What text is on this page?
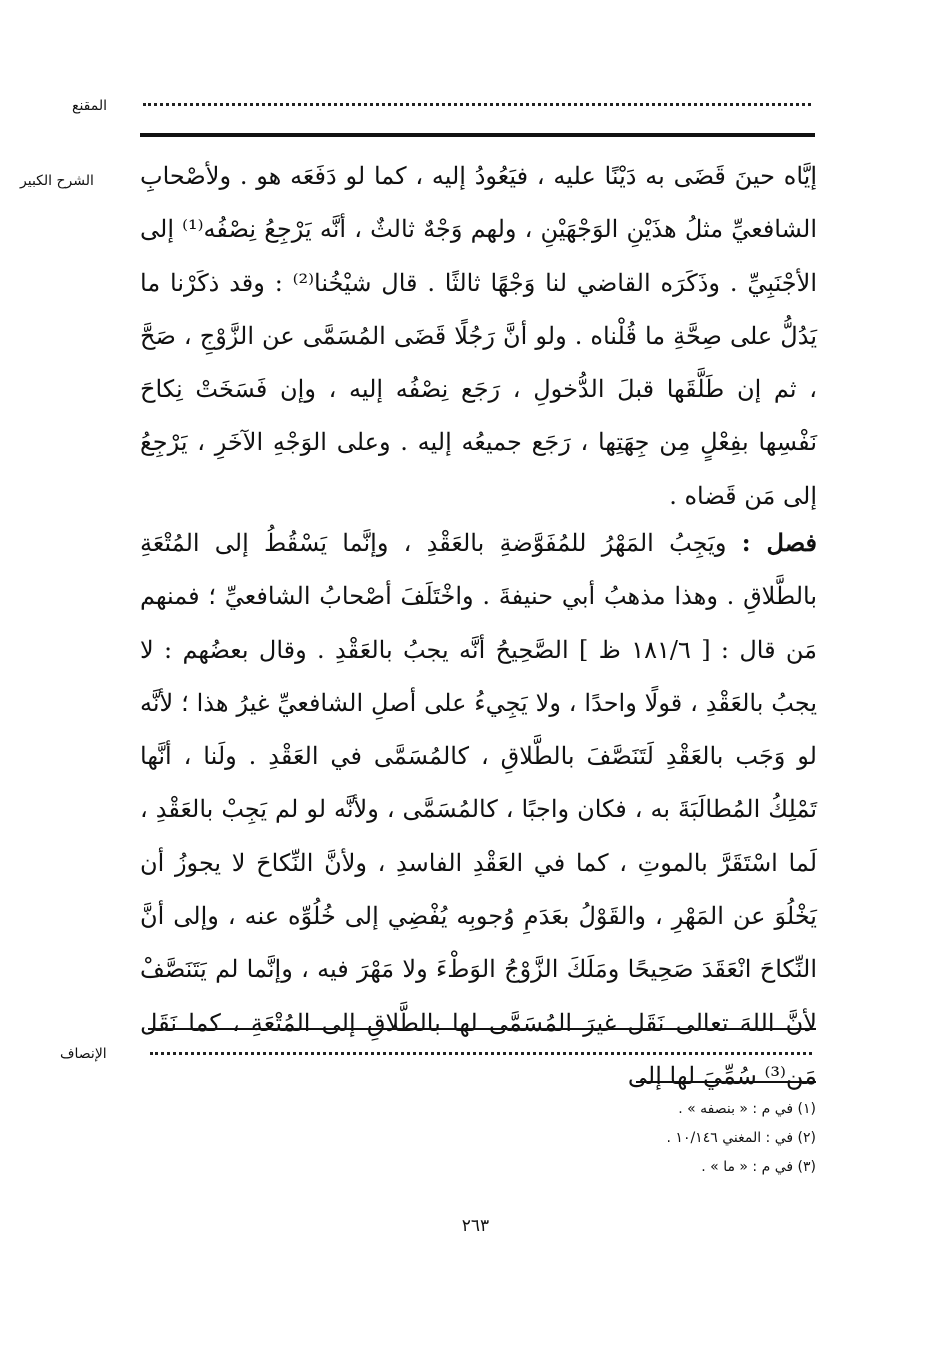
المقنع
الشرح الكبير
الإنصاف

إيَّاه حينَ قَضَى به دَيْنًا عليه ، فيَعُودُ إليه ، كما لو دَفَعَه هو . ولأصْحابِ الشافعيِّ مثلُ هذَيْنِ الوَجْهَيْنِ ، ولهم وَجْهٌ ثالثٌ ، أنَّه يَرْجِعُ نِصْفُه⁽¹⁾ إلى الأجْنَبِيِّ . وذَكَرَه القاضي لنا وَجْهًا ثالثًا . قال شيْخُنا⁽²⁾ : وقد ذكَرْنا ما يَدُلُّ على صِحَّةِ ما قُلْناه . ولو أنَّ رَجُلًا قَضَى المُسَمَّى عن الزَّوْجِ ، صَحَّ ، ثم إن طَلَّقَها قبلَ الدُّخولِ ، رَجَع نِصْفُه إليه ، وإن فَسَخَتْ نِكاحَ نَفْسِها بفِعْلٍ مِن جِهَتِها ، رَجَع جميعُه إليه . وعلى الوَجْهِ الآخَرِ ، يَرْجِعُ إلى مَن قَضاه .

فصل : ويَجِبُ المَهْرُ للمُفَوَّضةِ بالعَقْدِ ، وإنَّما يَسْقُطُ إلى المُتْعَةِ بالطَّلاقِ . وهذا مذهبُ أبي حنيفةَ . واخْتَلَفَ أصْحابُ الشافعيِّ ؛ فمنهم مَن قال : [ ١٨١/٦ ظ ] الصَّحِيحُ أنَّه يجبُ بالعَقْدِ . وقال بعضُهم : لا يجبُ بالعَقْدِ ، قولًا واحدًا ، ولا يَجِيءُ على أصلِ الشافعيِّ غيرُ هذا ؛ لأنَّه لو وَجَب بالعَقْدِ لَتَنَصَّفَ بالطَّلاقِ ، كالمُسَمَّى في العَقْدِ . ولَنا ، أنَّها تَمْلِكُ المُطالَبَةَ به ، فكان واجبًا ، كالمُسَمَّى ، ولأنَّه لو لم يَجِبْ بالعَقْدِ ، لَما اسْتَقَرَّ بالموتِ ، كما في العَقْدِ الفاسدِ ، ولأنَّ النِّكاحَ لا يجوزُ أن يَخْلُوَ عن المَهْرِ ، والقَوْلُ بعَدَمِ وُجوبِه يُفْضِي إلى خُلُوِّه عنه ، وإلى أنَّ النِّكاحَ انْعَقَدَ صَحِيحًا ومَلَكَ الزَّوْجُ الوَطْءَ ولا مَهْرَ فيه ، وإنَّما لم يَتَنَصَّفْ لأنَّ اللهَ تعالى نَقَل غيرَ المُسَمَّى لها بالطَّلاقِ إلى المُتْعَةِ ، كما نَقَل مَن⁽³⁾ سُمِّيَ لها إلى

(١) في م : « بنصفه » .
(٢) في : المغني ١٠/١٤٦ .
(٣) في م : « ما » .
٢٦٣
